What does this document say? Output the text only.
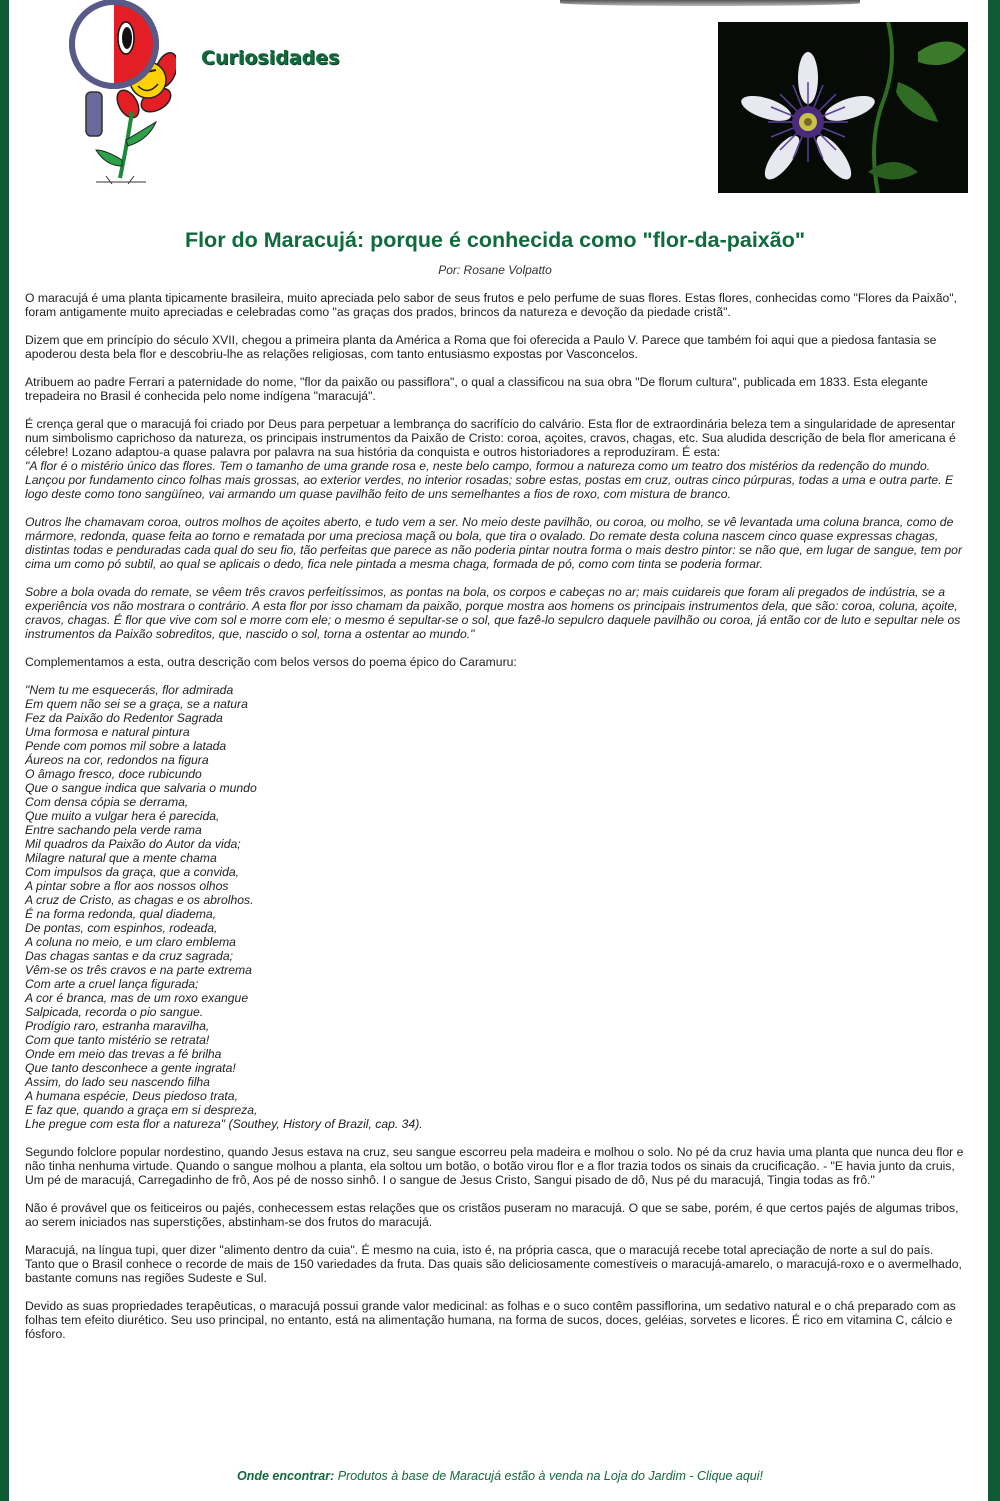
Curiosidades
Flor do Maracujá: porque é conhecida como "flor-da-paixão"
Por: Rosane Volpatto

O maracujá é uma planta tipicamente brasileira, muito apreciada pelo sabor de seus frutos e pelo perfume de suas flores. Estas flores, conhecidas como "Flores da Paixão", foram antigamente muito apreciadas e celebradas como "as graças dos prados, brincos da natureza e devoção da piedade cristã".

Dizem que em princípio do século XVII, chegou a primeira planta da América a Roma que foi oferecida a Paulo V. Parece que também foi aqui que a piedosa fantasia se apoderou desta bela flor e descobriu-lhe as relações religiosas, com tanto entusiasmo expostas por Vasconcelos.

Atribuem ao padre Ferrari a paternidade do nome, "flor da paixão ou passiflora", o qual a classificou na sua obra "De florum cultura", publicada em 1833. Esta elegante trepadeira no Brasil é conhecida pelo nome indígena "maracujá".

É crença geral que o maracujá foi criado por Deus para perpetuar a lembrança do sacrifício do calvário. Esta flor de extraordinária beleza tem a singularidade de apresentar num simbolismo caprichoso da natureza, os principais instrumentos da Paixão de Cristo: coroa, açoites, cravos, chagas, etc. Sua aludida descrição de bela flor americana é célebre! Lozano adaptou-a quase palavra por palavra na sua história da conquista e outros historiadores a reproduziram. É esta:
"A flor é o mistério único das flores. Tem o tamanho de uma grande rosa e, neste belo campo, formou a natureza como um teatro dos mistérios da redenção do mundo. Lançou por fundamento cinco folhas mais grossas, ao exterior verdes, no interior rosadas; sobre estas, postas em cruz, outras cinco púrpuras, todas a uma e outra parte. E logo deste como tono sangüíneo, vai armando um quase pavilhão feito de uns semelhantes a fios de roxo, com mistura de branco.

Outros lhe chamavam coroa, outros molhos de açoites aberto, e tudo vem a ser. No meio deste pavilhão, ou coroa, ou molho, se vê levantada uma coluna branca, como de mármore, redonda, quase feita ao torno e rematada por uma preciosa maçã ou bola, que tira o ovalado. Do remate desta coluna nascem cinco quase expressas chagas, distintas todas e penduradas cada qual do seu fio, tão perfeitas que parece as não poderia pintar noutra forma o mais destro pintor: se não que, em lugar de sangue, tem por cima um como pó subtil, ao qual se aplicais o dedo, fica nele pintada a mesma chaga, formada de pó, como com tinta se poderia formar.

Sobre a bola ovada do remate, se vêem três cravos perfeitíssimos, as pontas na bola, os corpos e cabeças no ar; mais cuidareis que foram ali pregados de indústria, se a experiência vos não mostrara o contrário. A esta flor por isso chamam da paixão, porque mostra aos homens os principais instrumentos dela, que são: coroa, coluna, açoite, cravos, chagas. É flor que vive com sol e morre com ele; o mesmo é sepultar-se o sol, que fazê-lo sepulcro daquele pavilhão ou coroa, já então cor de luto e sepultar nele os instrumentos da Paixão sobreditos, que, nascido o sol, torna a ostentar ao mundo."

Complementamos a esta, outra descrição com belos versos do poema épico do Caramuru:

"Nem tu me esquecerás, flor admirada
Em quem não sei se a graça, se a natura
Fez da Paixão do Redentor Sagrada
Uma formosa e natural pintura
Pende com pomos mil sobre a latada
Áureos na cor, redondos na figura
O âmago fresco, doce rubicundo
Que o sangue indica que salvaria o mundo
Com densa cópia se derrama,
Que muito a vulgar hera é parecida,
Entre sachando pela verde rama
Mil quadros da Paixão do Autor da vida;
Milagre natural que a mente chama
Com impulsos da graça, que a convida,
A pintar sobre a flor aos nossos olhos
A cruz de Cristo, as chagas e os abrolhos.
É na forma redonda, qual diadema,
De pontas, com espinhos, rodeada,
A coluna no meio, e um claro emblema
Das chagas santas e da cruz sagrada;
Vêm-se os três cravos e na parte extrema
Com arte a cruel lança figurada;
A cor é branca, mas de um roxo exangue
Salpicada, recorda o pio sangue.
Prodígio raro, estranha maravilha,
Com que tanto mistério se retrata!
Onde em meio das trevas a fé brilha
Que tanto desconhece a gente ingrata!
Assim, do lado seu nascendo filha
A humana espécie, Deus piedoso trata,
E faz que, quando a graça em si despreza,
Lhe pregue com esta flor a natureza" (Southey, History of Brazil, cap. 34).

Segundo folclore popular nordestino, quando Jesus estava na cruz, seu sangue escorreu pela madeira e molhou o solo. No pé da cruz havia uma planta que nunca deu flor e não tinha nenhuma virtude. Quando o sangue molhou a planta, ela soltou um botão, o botão virou flor e a flor trazia todos os sinais da crucificação. - "E havia junto da cruis, Um pé de maracujá, Carregadinho de frô, Aos pé de nosso sinhô. I o sangue de Jesus Cristo, Sangui pisado de dô, Nus pé du maracujá, Tingia todas as frô."

Não é provável que os feiticeiros ou pajés, conhecessem estas relações que os cristãos puseram no maracujá. O que se sabe, porém, é que certos pajés de algumas tribos, ao serem iniciados nas superstições, abstinham-se dos frutos do maracujá.

Maracujá, na língua tupi, quer dizer "alimento dentro da cuia". É mesmo na cuia, isto é, na própria casca, que o maracujá recebe total apreciação de norte a sul do país. Tanto que o Brasil conhece o recorde de mais de 150 variedades da fruta. Das quais são deliciosamente comestíveis o maracujá-amarelo, o maracujá-roxo e o avermelhado, bastante comuns nas regiões Sudeste e Sul.

Devido as suas propriedades terapêuticas, o maracujá possui grande valor medicinal: as folhas e o suco contêm passiflorina, um sedativo natural e o chá preparado com as folhas tem efeito diurético. Seu uso principal, no entanto, está na alimentação humana, na forma de sucos, doces, geléias, sorvetes e licores. É rico em vitamina C, cálcio e fósforo.

Onde encontrar: Produtos à base de Maracujá estão à venda na Loja do Jardim - Clique aqui!
